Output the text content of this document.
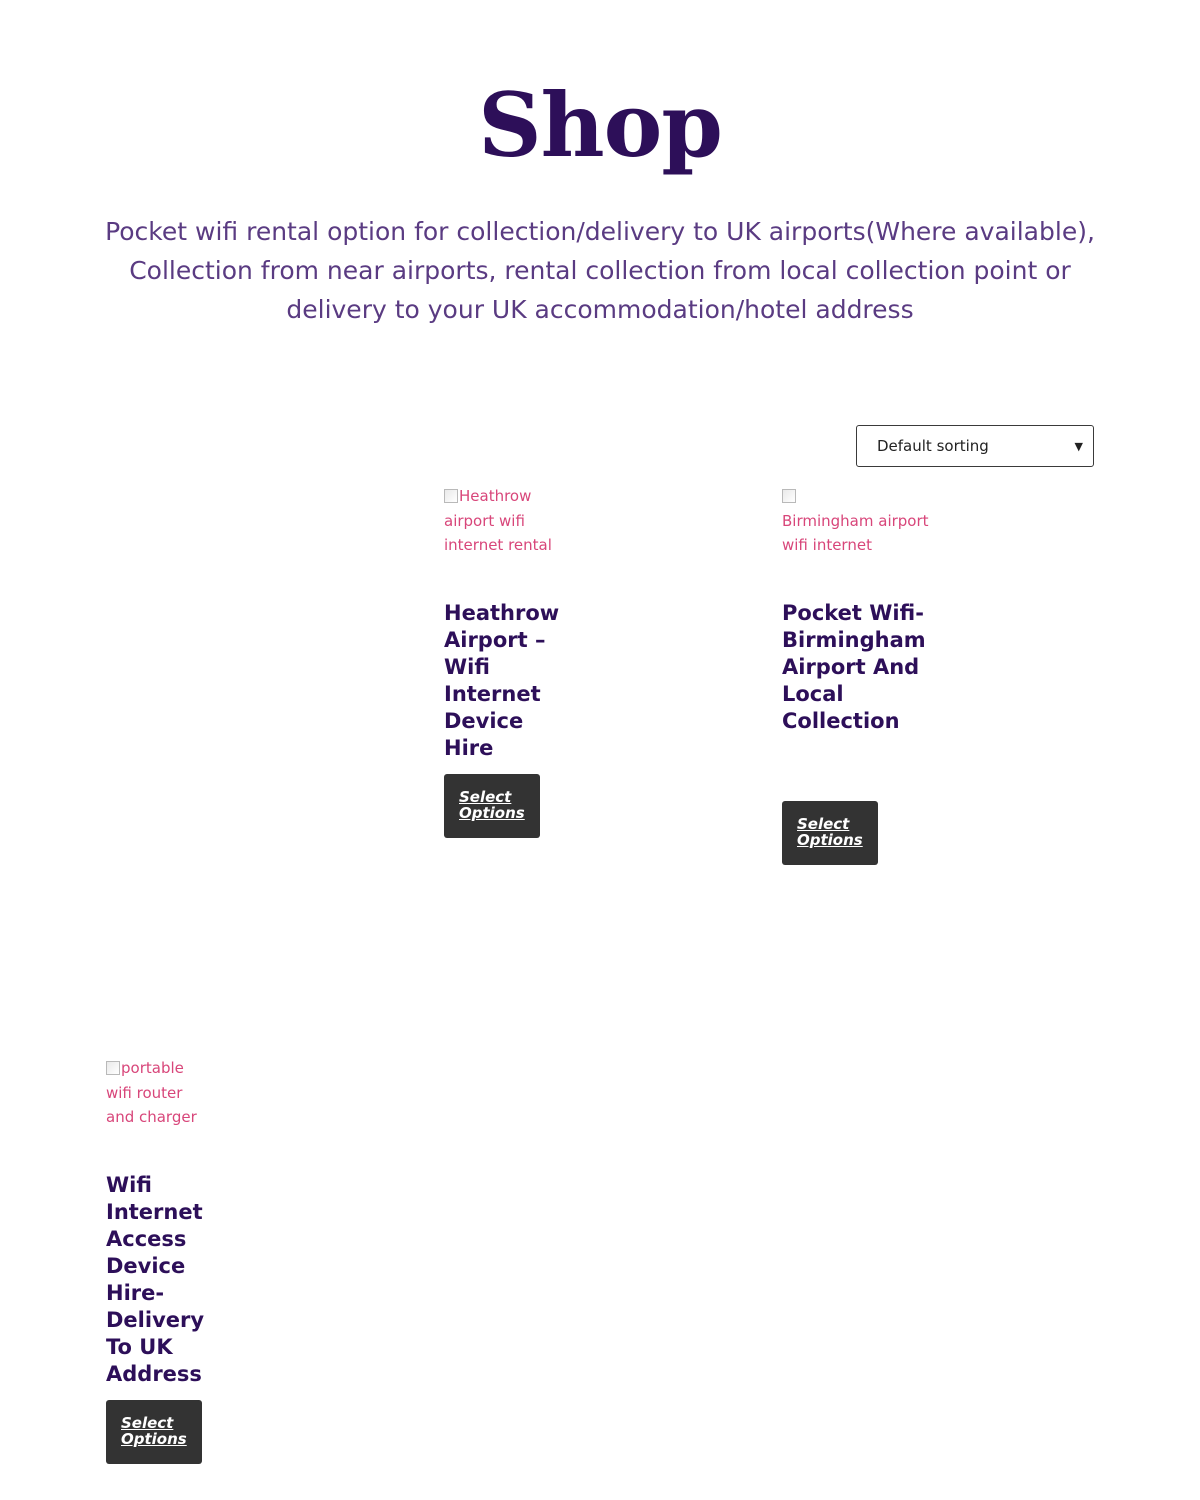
Shop

Pocket wifi rental option for collection/delivery to UK airports(Where available), Collection from near airports, rental collection from local collection point or delivery to your UK accommodation/hotel address

Default sorting	▼

Heathrow airport wifi internet rental

Heathrow Airport – Wifi Internet Device Hire
Select Options

Birmingham airport wifi internet

Pocket Wifi-Birmingham Airport And Local Collection
Select Options

portable wifi router and charger

Wifi Internet Access Device Hire-Delivery To UK Address
Select Options
